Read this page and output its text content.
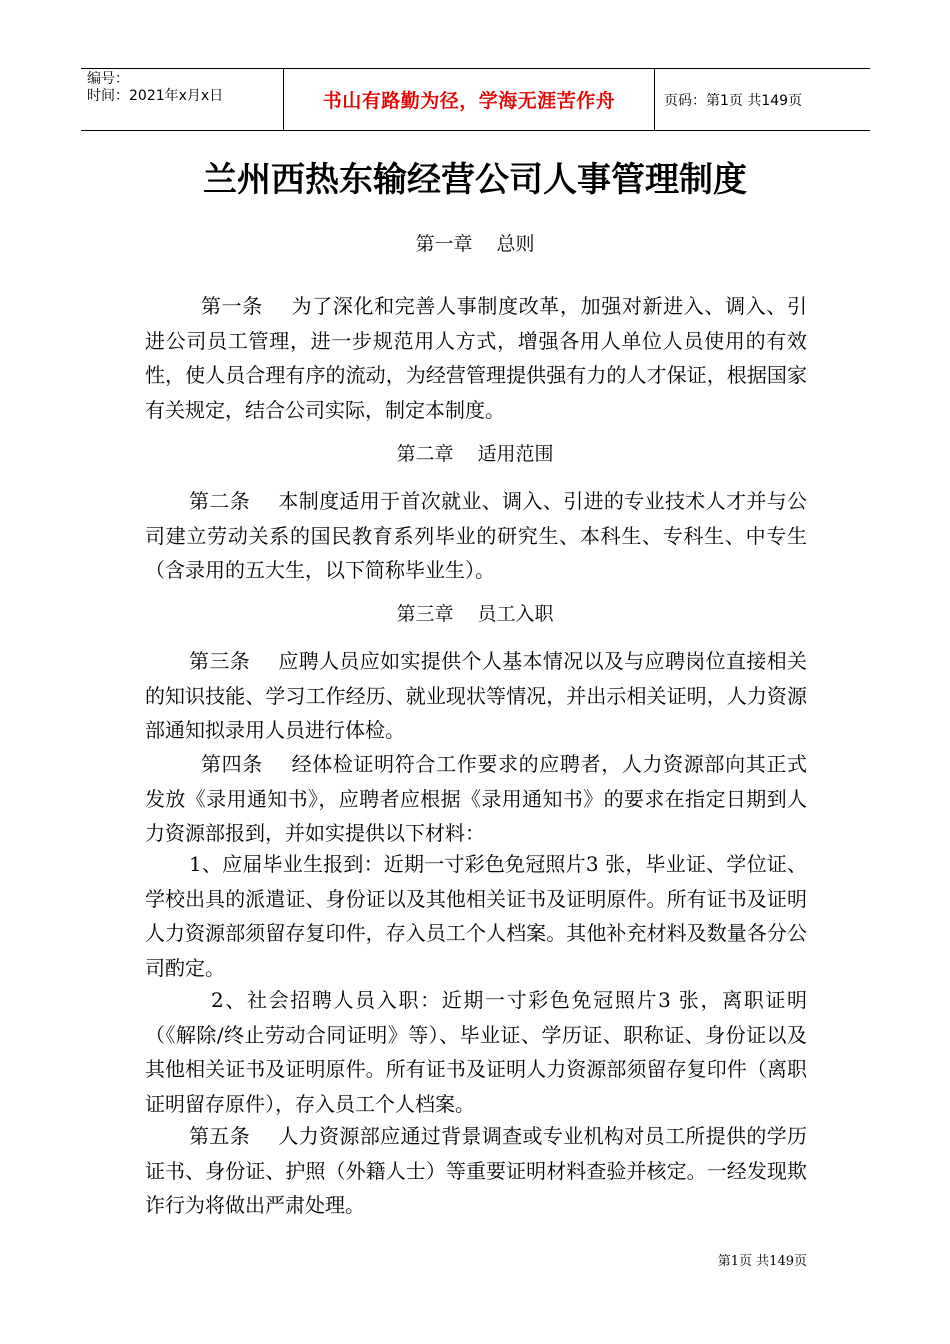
编号：
时间：2021年x月x日	书山有路勤为径，学海无涯苦作舟	页码：第1页 共149页
兰州西热东输经营公司人事管理制度

第一章 总则

第一条 为了深化和完善人事制度改革，加强对新进入、调入、引进公司员工管理，进一步规范用人方式，增强各用人单位人员使用的有效性，使人员合理有序的流动，为经营管理提供强有力的人才保证，根据国家有关规定，结合公司实际，制定本制度。

第二章 适用范围

第二条 本制度适用于首次就业、调入、引进的专业技术人才并与公司建立劳动关系的国民教育系列毕业的研究生、本科生、专科生、中专生（含录用的五大生，以下简称毕业生）。

第三章 员工入职

第三条 应聘人员应如实提供个人基本情况以及与应聘岗位直接相关的知识技能、学习工作经历、就业现状等情况，并出示相关证明，人力资源部通知拟录用人员进行体检。

第四条 经体检证明符合工作要求的应聘者，人力资源部向其正式发放《录用通知书》，应聘者应根据《录用通知书》的要求在指定日期到人力资源部报到，并如实提供以下材料：

1、应届毕业生报到：近期一寸彩色免冠照片3 张，毕业证、学位证、学校出具的派遣证、身份证以及其他相关证书及证明原件。所有证书及证明人力资源部须留存复印件，存入员工个人档案。其他补充材料及数量各分公司酌定。

2、社会招聘人员入职：近期一寸彩色免冠照片3 张，离职证明（《解除/终止劳动合同证明》等）、毕业证、学历证、职称证、身份证以及其他相关证书及证明原件。所有证书及证明人力资源部须留存复印件（离职证明留存原件），存入员工个人档案。

第五条 人力资源部应通过背景调查或专业机构对员工所提供的学历证书、身份证、护照（外籍人士）等重要证明材料查验并核定。一经发现欺诈行为将做出严肃处理。

第1页 共149页
